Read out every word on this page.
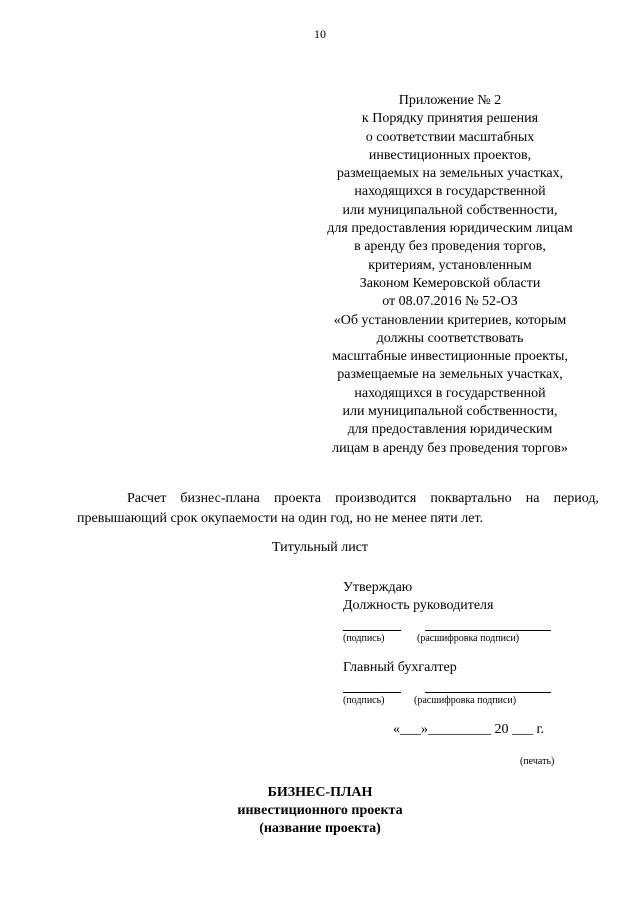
10
Приложение № 2
к Порядку принятия решения
о соответствии масштабных
инвестиционных проектов,
размещаемых на земельных участках,
находящихся в государственной
или муниципальной собственности,
для предоставления юридическим лицам
в аренду без проведения торгов,
критериям, установленным
Законом Кемеровской области
от 08.07.2016 № 52-ОЗ
«Об установлении критериев, которым
должны соответствовать
масштабные инвестиционные проекты,
размещаемые на земельных участках,
находящихся в государственной
или муниципальной собственности,
для предоставления юридическим
лицам в аренду без проведения торгов»
Расчет бизнес-плана проекта производится поквартально на период,
превышающий срок окупаемости на один год, но не менее пяти лет.
Титульный лист
Утверждаю
Должность руководителя
(подпись)	(расшифровка подписи)
Главный бухгалтер
(подпись)	(расшифровка подписи)
«___»_________ 20 ___ г.
(печать)
БИЗНЕС-ПЛАН
инвестиционного проекта
(название проекта)
